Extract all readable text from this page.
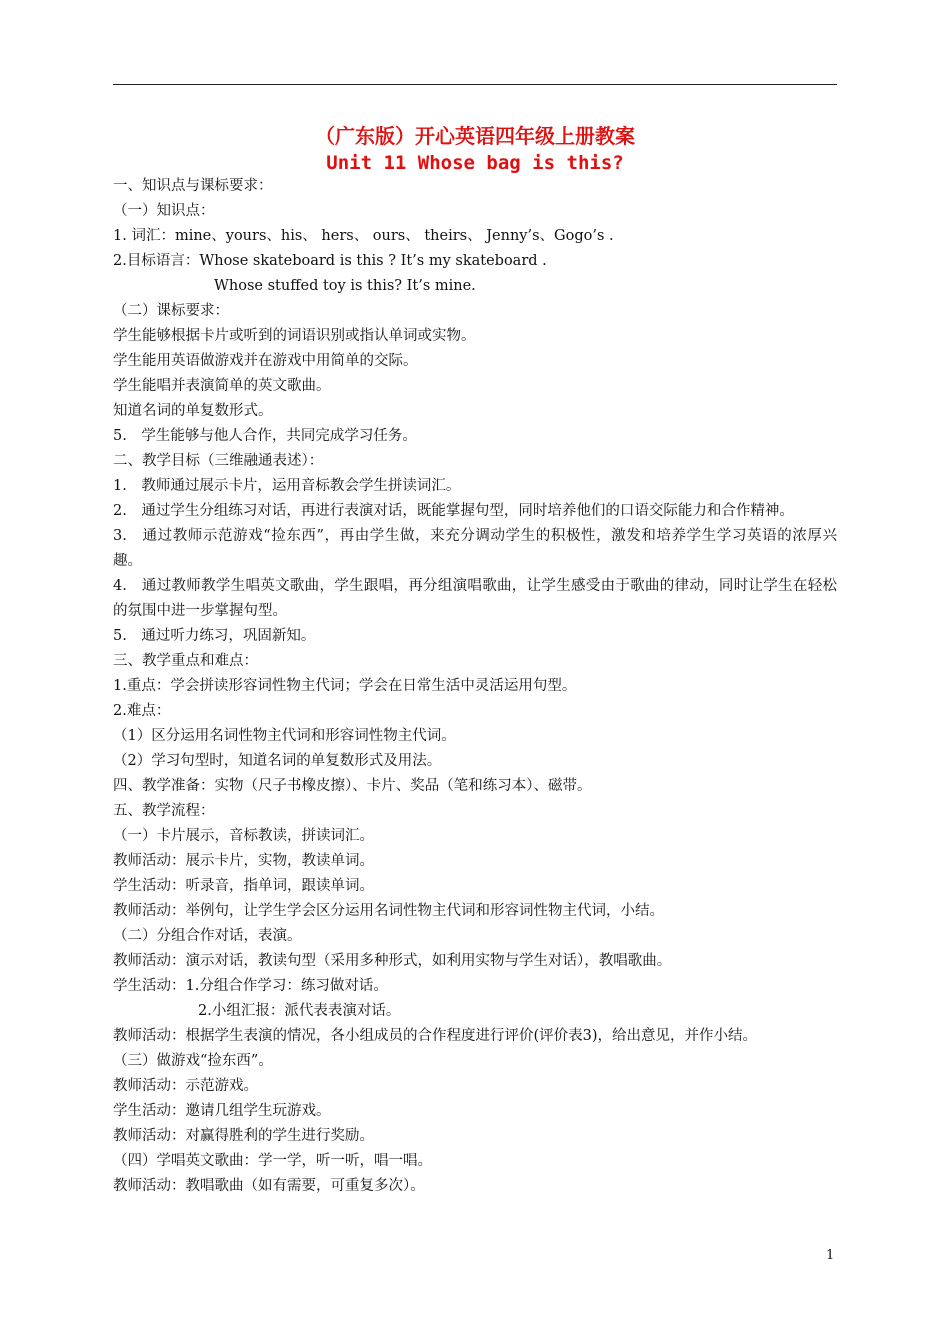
（广东版）开心英语四年级上册教案
Unit 11 Whose bag is this?
一、知识点与课标要求：
（一）知识点：
1. 词汇：mine、yours、his、 hers、 ours、 theirs、 Jenny’s、Gogo’s .
2.目标语言：Whose skateboard is this ? It’s my skateboard .
Whose stuffed toy is this? It’s mine.
（二）课标要求：
学生能够根据卡片或听到的词语识别或指认单词或实物。
学生能用英语做游戏并在游戏中用简单的交际。
学生能唱并表演简单的英文歌曲。
知道名词的单复数形式。
5.　学生能够与他人合作，共同完成学习任务。
二、教学目标（三维融通表述）：
1.　教师通过展示卡片，运用音标教会学生拼读词汇。
2.　通过学生分组练习对话，再进行表演对话，既能掌握句型，同时培养他们的口语交际能力和合作精神。
3.　通过教师示范游戏“捡东西”，再由学生做，来充分调动学生的积极性，激发和培养学生学习英语的浓厚兴趣。
4.　通过教师教学生唱英文歌曲，学生跟唱，再分组演唱歌曲，让学生感受由于歌曲的律动，同时让学生在轻松的氛围中进一步掌握句型。
5.　通过听力练习，巩固新知。
三、教学重点和难点：
1.重点：学会拼读形容词性物主代词；学会在日常生活中灵活运用句型。
2.难点：
（1）区分运用名词性物主代词和形容词性物主代词。
（2）学习句型时，知道名词的单复数形式及用法。
四、教学准备：实物（尺子书橡皮擦）、卡片、奖品（笔和练习本）、磁带。
五、教学流程：
（一）卡片展示，音标教读，拼读词汇。
教师活动：展示卡片，实物，教读单词。
学生活动：听录音，指单词，跟读单词。
教师活动：举例句，让学生学会区分运用名词性物主代词和形容词性物主代词，小结。
（二）分组合作对话，表演。
教师活动：演示对话，教读句型（采用多种形式，如利用实物与学生对话），教唱歌曲。
学生活动：1.分组合作学习：练习做对话。
2.小组汇报：派代表表演对话。
教师活动：根据学生表演的情况，各小组成员的合作程度进行评价(评价表3)，给出意见，并作小结。
（三）做游戏“捡东西”。
教师活动：示范游戏。
学生活动：邀请几组学生玩游戏。
教师活动：对赢得胜利的学生进行奖励。
（四）学唱英文歌曲：学一学，听一听，唱一唱。
教师活动：教唱歌曲（如有需要，可重复多次）。
1
